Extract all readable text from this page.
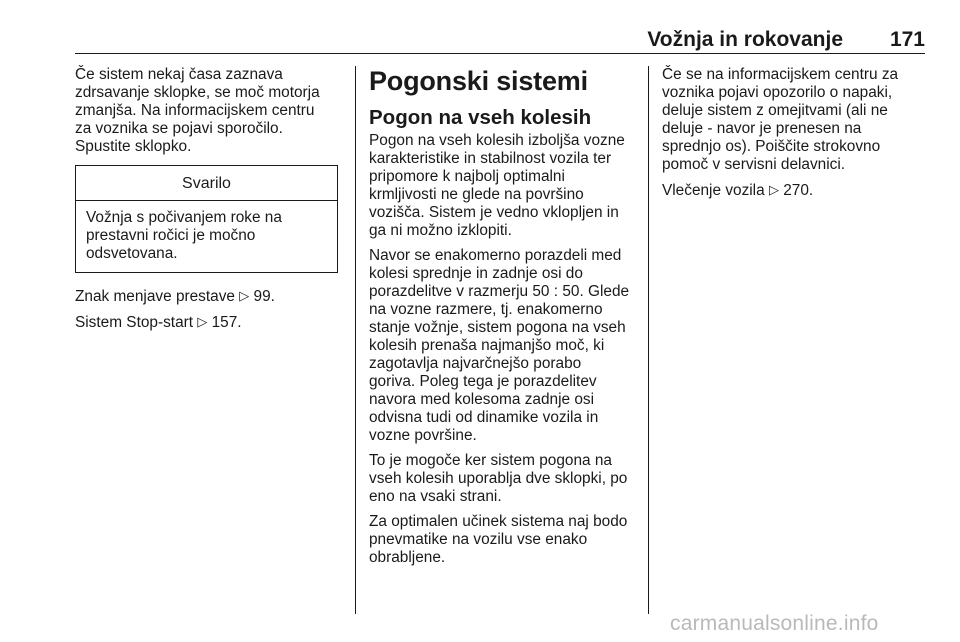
Vožnja in rokovanje 171

Če sistem nekaj časa zaznava
zdrsavanje sklopke, se moč motorja
zmanjša. Na informacijskem centru
za voznika se pojavi sporočilo.
Spustite sklopko.

Svarilo
Vožnja s počivanjem roke na
prestavni ročici je močno
odsvetovana.

Znak menjave prestave ▷ 99.

Sistem Stop-start ▷ 157.

Pogonski sistemi
Pogon na vseh kolesih

Pogon na vseh kolesih izboljša vozne
karakteristike in stabilnost vozila ter
pripomore k najbolj optimalni
krmljivosti ne glede na površino
vozišča. Sistem je vedno vklopljen in
ga ni možno izklopiti.

Navor se enakomerno porazdeli med
kolesi sprednje in zadnje osi do
porazdelitve v razmerju 50 : 50. Glede
na vozne razmere, tj. enakomerno
stanje vožnje, sistem pogona na vseh
kolesih prenaša najmanjšo moč, ki
zagotavlja najvarčnejšo porabo
goriva. Poleg tega je porazdelitev
navora med kolesoma zadnje osi
odvisna tudi od dinamike vozila in
vozne površine.

To je mogoče ker sistem pogona na
vseh kolesih uporablja dve sklopki, po
eno na vsaki strani.

Za optimalen učinek sistema naj bodo
pnevmatike na vozilu vse enako
obrabljene.

Če se na informacijskem centru za
voznika pojavi opozorilo o napaki,
deluje sistem z omejitvami (ali ne
deluje - navor je prenesen na
sprednjo os). Poiščite strokovno
pomoč v servisni delavnici.

Vlečenje vozila ▷ 270.

carmanualsonline.info
